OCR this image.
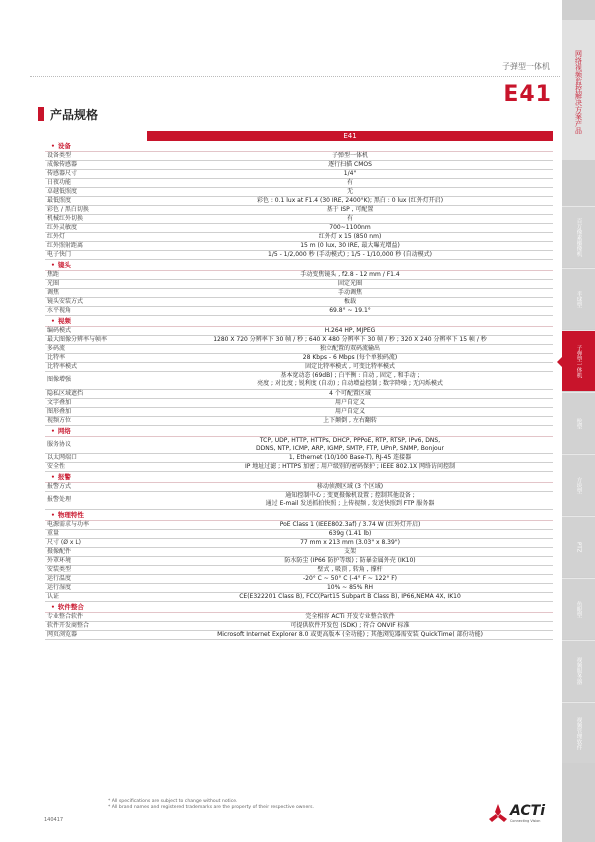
子弹型一体机
E41
产品规格
E41
• 设备
设备类型	子弹型一体机
成像传感器	逐行扫描 CMOS
传感器尺寸	1/4"
日夜功能	有
卓越低照度	无
最低照度	彩色 : 0.1 lux at F1.4 (30 IRE, 2400°K); 黑白 : 0 lux (红外灯开启)
彩色 / 黑白切换	基于 ISP , 可配置
机械红外切换	有
红外灵敏度	700~1100nm
红外灯	红外灯 x 15 (850 nm)
红外照射距离	15 m (0 lux, 30 IRE, 最大曝光增益)
电子快门	1/5 - 1/2,000 秒 (手动模式) ; 1/5 - 1/10,000 秒 (自动模式)
• 镜头
焦距	手动变焦镜头 , f2.8 - 12 mm / F1.4
光圈	固定光圈
调焦	手动调焦
镜头安装方式	板载
水平视角	69.8° ~ 19.1°
• 视频
编码模式	H.264 HP, MJPEG
最大图像分辨率与帧率	1280 X 720 分辨率下 30 帧 / 秒 ; 640 X 480 分辨率下 30 帧 / 秒 ; 320 X 240 分辨率下 15 帧 / 秒
多码流	独立配置的双码流输出
比特率	28 Kbps - 6 Mbps (每个单独码流)
比特率模式	固定比特率模式 , 可变比特率模式
图像增强
基本宽动态 (69dB) ; 白平衡 : 自动 , 固定 , 和手动 ;
亮度 ; 对比度 ; 锐利度 (自动) ; 自动增益控制 ; 数字降噪 ; 无闪烁模式
隐私区域遮挡	4 个可配置区域
文字叠加	用户自定义
图形叠加	用户自定义
视频方位	上下颠倒 , 左右翻转
• 网络
服务协议
TCP, UDP, HTTP, HTTPs, DHCP, PPPoE, RTP, RTSP, IPv6, DNS,
DDNS, NTP, ICMP, ARP, IGMP, SMTP, FTP, UPnP, SNMP, Bonjour
以太网端口	1, Ethernet (10/100 Base-T), RJ-45 连接器
安全性	IP 地址过滤 ; HTTPS 加密 ; 用户级别的密码保护 ; IEEE 802.1X 网络访问控制
• 报警
报警方式	移动侦测区域 (3 个区域)
报警处理
通知控制中心 ; 变更摄像机设置 ; 控制其他设备 ;
通过 E-mail 发送抓拍快照 ; 上传视频 , 发送快照到 FTP 服务器
• 物理特性
电源需求与功率	PoE Class 1 (IEEE802.3af) / 3.74 W (红外灯开启)
重量	639g (1.41 lb)
尺寸 (Ø x L)	77 mm x 213 mm (3.03" x 8.39")
摄像配件	支架
外罩环境	防水防尘 (IP66 防护等级) ; 防暴金属外壳 (IK10)
安装类型	壁式 , 吸顶 , 转角 , 撑杆
运行温度	-20° C ~ 50° C (-4° F ~ 122° F)
运行湿度	10% ~ 85% RH
认证	CE(E322201 Class B), FCC(Part15 Subpart B Class B), IP66,NEMA 4X, IK10
• 软件整合
专业整合软件	完全相容 ACTi 开发专业整合软件
软件开发商整合	可提供软件开发包 (SDK) ; 符合 ONVIF 标准
网页浏览器	Microsoft Internet Explorer 8.0 或更高版本 (全功能) ; 其他浏览器需安装 QuickTime( 部份功能)
* All specifications are subject to change without notice.
* All brand names and registered trademarks are the property of their respective owners.
140417
ACTi
Connecting Vision
网络视频监控解决方案产品
百万像素摄像机
半球型
子弹型一体机
枪型
方块型
PTZ
鱼眼型
视频服务器
视频管理软件
